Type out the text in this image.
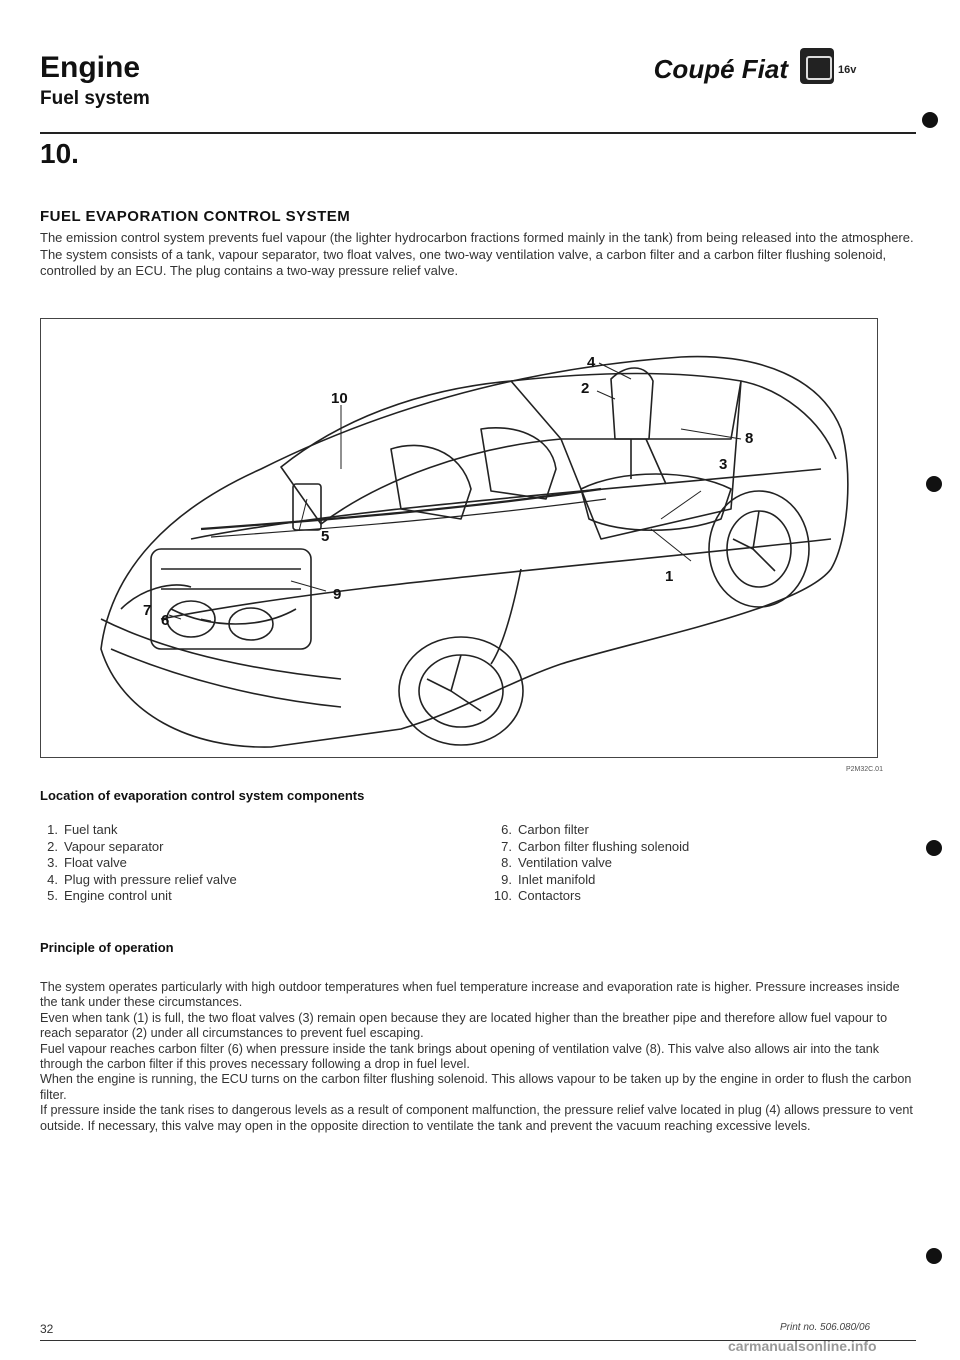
Engine
Fuel system
Coupé Fiat	16v
10.
FUEL EVAPORATION CONTROL SYSTEM
The emission control system prevents fuel vapour (the lighter hydrocarbon fractions formed mainly in the tank) from being released into the atmosphere. The system consists of a tank, vapour separator, two float valves, one two-way ventilation valve, a carbon filter and a carbon filter flushing solenoid, controlled by an ECU. The plug contains a two-way pressure relief valve.
1
2
3
4
5
6
7
8
9
10
P2M32C.01
Location of evaporation control system components
1. Fuel tank
2. Vapour separator
3. Float valve
4. Plug with pressure relief valve
5. Engine control unit
6. Carbon filter
7. Carbon filter flushing solenoid
8. Ventilation valve
9. Inlet manifold
10. Contactors
Principle of operation

The system operates particularly with high outdoor temperatures when fuel temperature increase and evaporation rate is higher. Pressure increases inside the tank under these circumstances.

Even when tank (1) is full, the two float valves (3) remain open because they are located higher than the breather pipe and therefore allow fuel vapour to reach separator (2) under all circumstances to prevent fuel escaping.

Fuel vapour reaches carbon filter (6) when pressure inside the tank brings about opening of ventilation valve (8). This valve also allows air into the tank through the carbon filter if this proves necessary following a drop in fuel level.

When the engine is running, the ECU turns on the carbon filter flushing solenoid. This allows vapour to be taken up by the engine in order to flush the carbon filter.

If pressure inside the tank rises to dangerous levels as a result of component malfunction, the pressure relief valve located in plug (4) allows pressure to vent outside. If necessary, this valve may open in the opposite direction to ventilate the tank and prevent the vacuum reaching excessive levels.

32	Print no. 506.080/06
carmanualsonline.info
